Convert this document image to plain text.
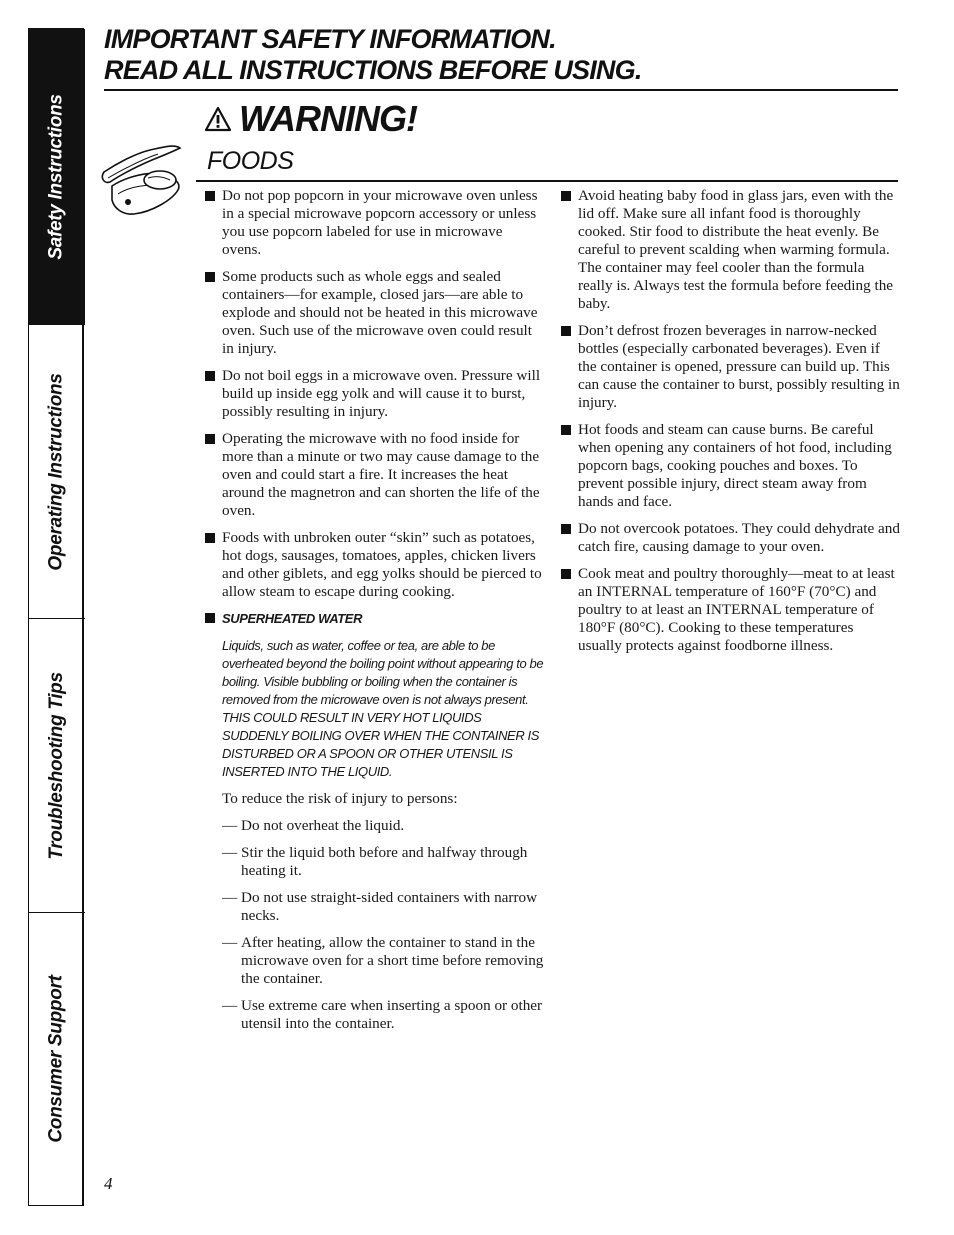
Safety Instructions
Operating Instructions
Troubleshooting Tips
Consumer Support
IMPORTANT SAFETY INFORMATION.
READ ALL INSTRUCTIONS BEFORE USING.
WARNING!
FOODS
Do not pop popcorn in your microwave oven unless in a special microwave popcorn accessory or unless you use popcorn labeled for use in microwave ovens.
Some products such as whole eggs and sealed containers—for example, closed jars—are able to explode and should not be heated in this microwave oven. Such use of the microwave oven could result in injury.
Do not boil eggs in a microwave oven. Pressure will build up inside egg yolk and will cause it to burst, possibly resulting in injury.
Operating the microwave with no food inside for more than a minute or two may cause damage to the oven and could start a fire. It increases the heat around the magnetron and can shorten the life of the oven.
Foods with unbroken outer “skin” such as potatoes, hot dogs, sausages, tomatoes, apples, chicken livers and other giblets, and egg yolks should be pierced to allow steam to escape during cooking.
SUPERHEATED WATER
Liquids, such as water, coffee or tea, are able to be overheated beyond the boiling point without appearing to be boiling. Visible bubbling or boiling when the container is removed from the microwave oven is not always present. THIS COULD RESULT IN VERY HOT LIQUIDS SUDDENLY BOILING OVER WHEN THE CONTAINER IS DISTURBED OR A SPOON OR OTHER UTENSIL IS INSERTED INTO THE LIQUID.
To reduce the risk of injury to persons:
— Do not overheat the liquid.
— Stir the liquid both before and halfway through heating it.
— Do not use straight-sided containers with narrow necks.
— After heating, allow the container to stand in the microwave oven for a short time before removing the container.
— Use extreme care when inserting a spoon or other utensil into the container.
Avoid heating baby food in glass jars, even with the lid off. Make sure all infant food is thoroughly cooked. Stir food to distribute the heat evenly. Be careful to prevent scalding when warming formula. The container may feel cooler than the formula really is. Always test the formula before feeding the baby.
Don’t defrost frozen beverages in narrow-necked bottles (especially carbonated beverages). Even if the container is opened, pressure can build up. This can cause the container to burst, possibly resulting in injury.
Hot foods and steam can cause burns. Be careful when opening any containers of hot food, including popcorn bags, cooking pouches and boxes. To prevent possible injury, direct steam away from hands and face.
Do not overcook potatoes. They could dehydrate and catch fire, causing damage to your oven.
Cook meat and poultry thoroughly—meat to at least an INTERNAL temperature of 160°F (70°C) and poultry to at least an INTERNAL temperature of 180°F (80°C). Cooking to these temperatures usually protects against foodborne illness.
4
